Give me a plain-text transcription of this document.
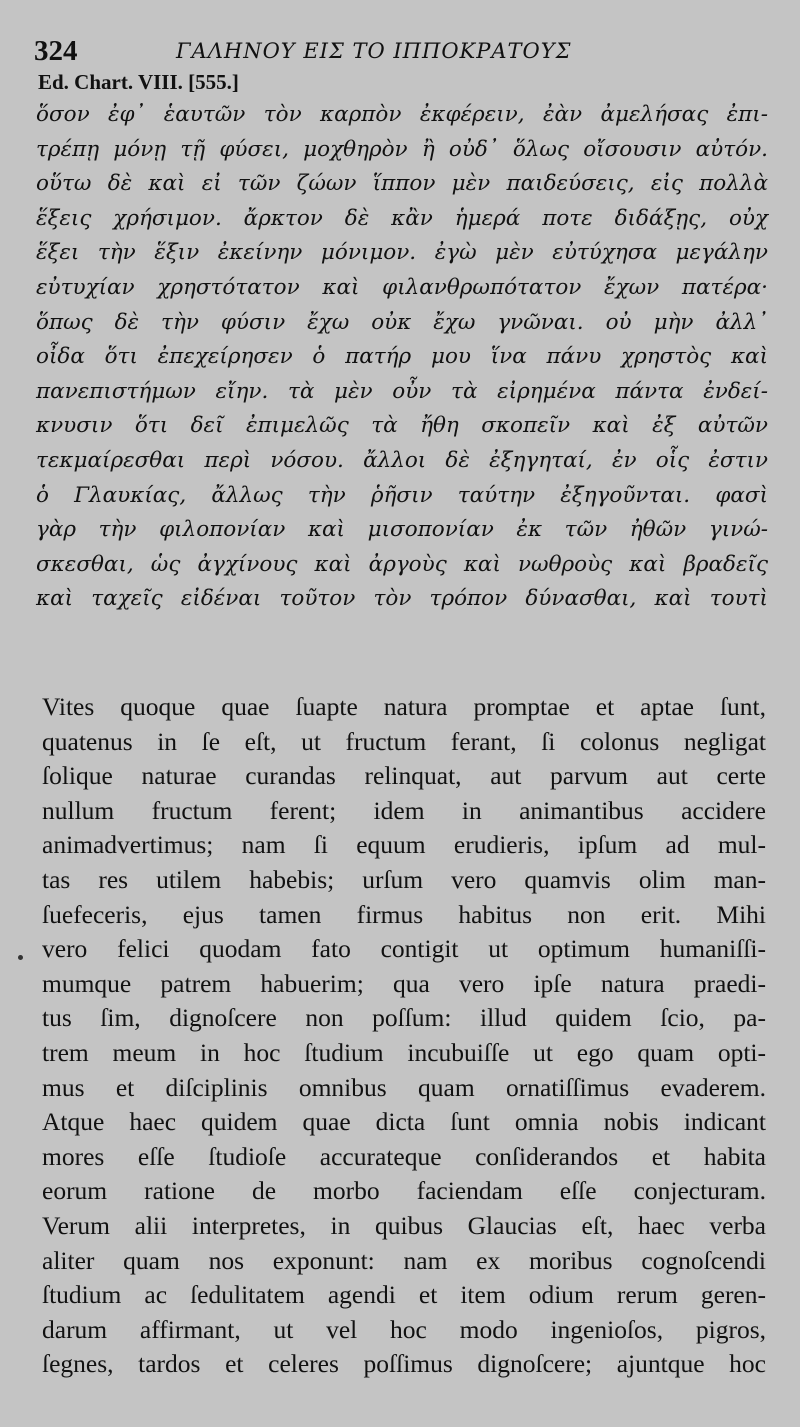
324	ΓΑΛΗΝΟΥ ΕΙΣ ΤΟ ΙΠΠΟΚΡΑΤΟΥΣ
Ed. Chart. VIII. [555.]
ὅσον ἐφ᾽ ἑαυτῶν τὸν καρπὸν ἐκφέρειν, ἐὰν ἀμελήσας ἐπι-
τρέπῃ μόνῃ τῇ φύσει, μοχθηρὸν ἢ οὐδ᾽ ὅλως οἴσουσιν αὐτόν.
οὕτω δὲ καὶ εἰ τῶν ζώων ἵππον μὲν παιδεύσεις, εἰς πολλὰ
ἕξεις χρήσιμον. ἄρκτον δὲ κἂν ἡμερά ποτε διδάξῃς, οὐχ
ἕξει τὴν ἕξιν ἐκείνην μόνιμον. ἐγὼ μὲν εὐτύχησα μεγάλην
εὐτυχίαν χρηστότατον καὶ φιλανθρωπότατον ἔχων πατέρα·
ὅπως δὲ τὴν φύσιν ἔχω οὐκ ἔχω γνῶναι. οὐ μὴν ἀλλ᾽
οἶδα ὅτι ἐπεχείρησεν ὁ πατήρ μου ἵνα πάνυ χρηστὸς καὶ
πανεπιστήμων εἴην. τὰ μὲν οὖν τὰ εἰρημένα πάντα ἐνδεί-
κνυσιν ὅτι δεῖ ἐπιμελῶς τὰ ἤθη σκοπεῖν καὶ ἐξ αὐτῶν
τεκμαίρεσθαι περὶ νόσου. ἄλλοι δὲ ἐξηγηταί, ἐν οἷς ἐστιν
ὁ Γλαυκίας, ἄλλως τὴν ῥῆσιν ταύτην ἐξηγοῦνται. φασὶ
γὰρ τὴν φιλοπονίαν καὶ μισοπονίαν ἐκ τῶν ἠθῶν γινώ-
σκεσθαι, ὡς ἀγχίνους καὶ ἀργοὺς καὶ νωθροὺς καὶ βραδεῖς
καὶ ταχεῖς εἰδέναι τοῦτον τὸν τρόπον δύνασθαι, καὶ τουτὶ
Vites quoque quae ſuapte natura promptae et aptae ſunt,
quatenus in ſe eſt, ut fructum ferant, ſi colonus negligat
ſolique naturae curandas relinquat, aut parvum aut certe
nullum fructum ferent; idem in animantibus accidere
animadvertimus; nam ſi equum erudieris, ipſum ad mul-
tas res utilem habebis; urſum vero quamvis olim man-
ſuefeceris, ejus tamen firmus habitus non erit. Mihi
vero felici quodam fato contigit ut optimum humaniſſi-
mumque patrem habuerim; qua vero ipſe natura praedi-
tus ſim, dignoſcere non poſſum: illud quidem ſcio, pa-
trem meum in hoc ſtudium incubuiſſe ut ego quam opti-
mus et diſciplinis omnibus quam ornatiſſimus evaderem.
Atque haec quidem quae dicta ſunt omnia nobis indicant
mores eſſe ſtudioſe accurateque conſiderandos et habita
eorum ratione de morbo faciendam eſſe conjecturam.
Verum alii interpretes, in quibus Glaucias eſt, haec verba
aliter quam nos exponunt: nam ex moribus cognoſcendi
ſtudium ac ſedulitatem agendi et item odium rerum geren-
darum affirmant, ut vel hoc modo ingenioſos, pigros,
ſegnes, tardos et celeres poſſimus dignoſcere; ajuntque hoc
